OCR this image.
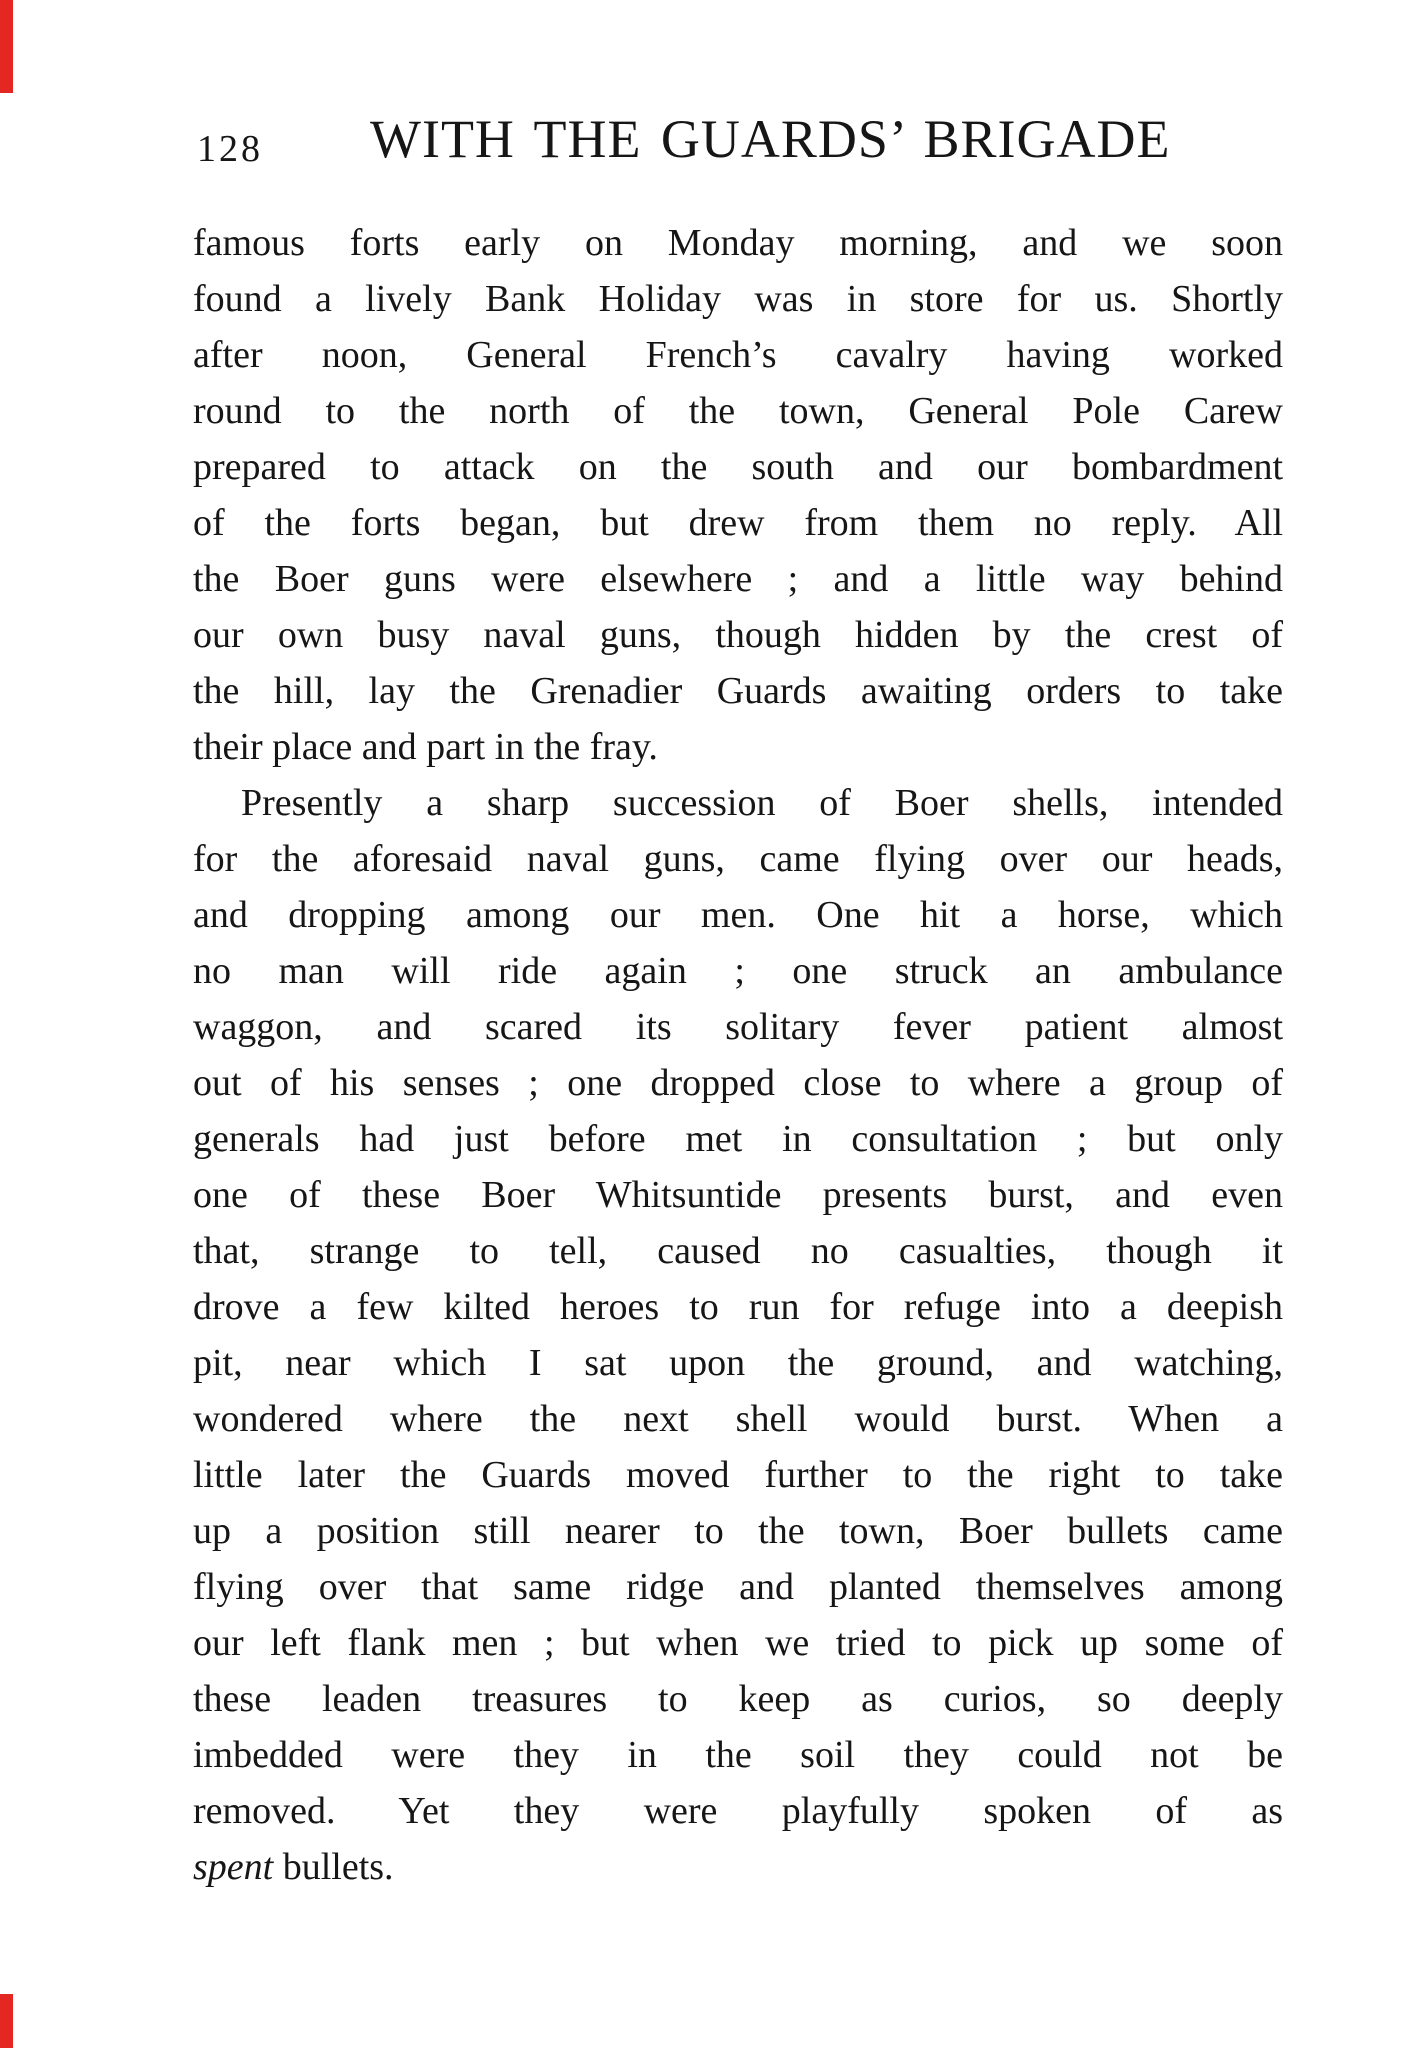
128 WITH THE GUARDS’ BRIGADE
famous forts early on Monday morning, and we soon
found a lively Bank Holiday was in store for us. Shortly
after noon, General French’s cavalry having worked
round to the north of the town, General Pole Carew
prepared to attack on the south and our bombardment
of the forts began, but drew from them no reply. All
the Boer guns were elsewhere ; and a little way behind
our own busy naval guns, though hidden by the crest of
the hill, lay the Grenadier Guards awaiting orders to take
their place and part in the fray.
Presently a sharp succession of Boer shells, intended
for the aforesaid naval guns, came flying over our heads,
and dropping among our men. One hit a horse, which
no man will ride again ; one struck an ambulance
waggon, and scared its solitary fever patient almost
out of his senses ; one dropped close to where a group of
generals had just before met in consultation ; but only
one of these Boer Whitsuntide presents burst, and even
that, strange to tell, caused no casualties, though it
drove a few kilted heroes to run for refuge into a deepish
pit, near which I sat upon the ground, and watching,
wondered where the next shell would burst. When a
little later the Guards moved further to the right to take
up a position still nearer to the town, Boer bullets came
flying over that same ridge and planted themselves among
our left flank men ; but when we tried to pick up some of
these leaden treasures to keep as curios, so deeply
imbedded were they in the soil they could not be
removed. Yet they were playfully spoken of as
spent bullets.
